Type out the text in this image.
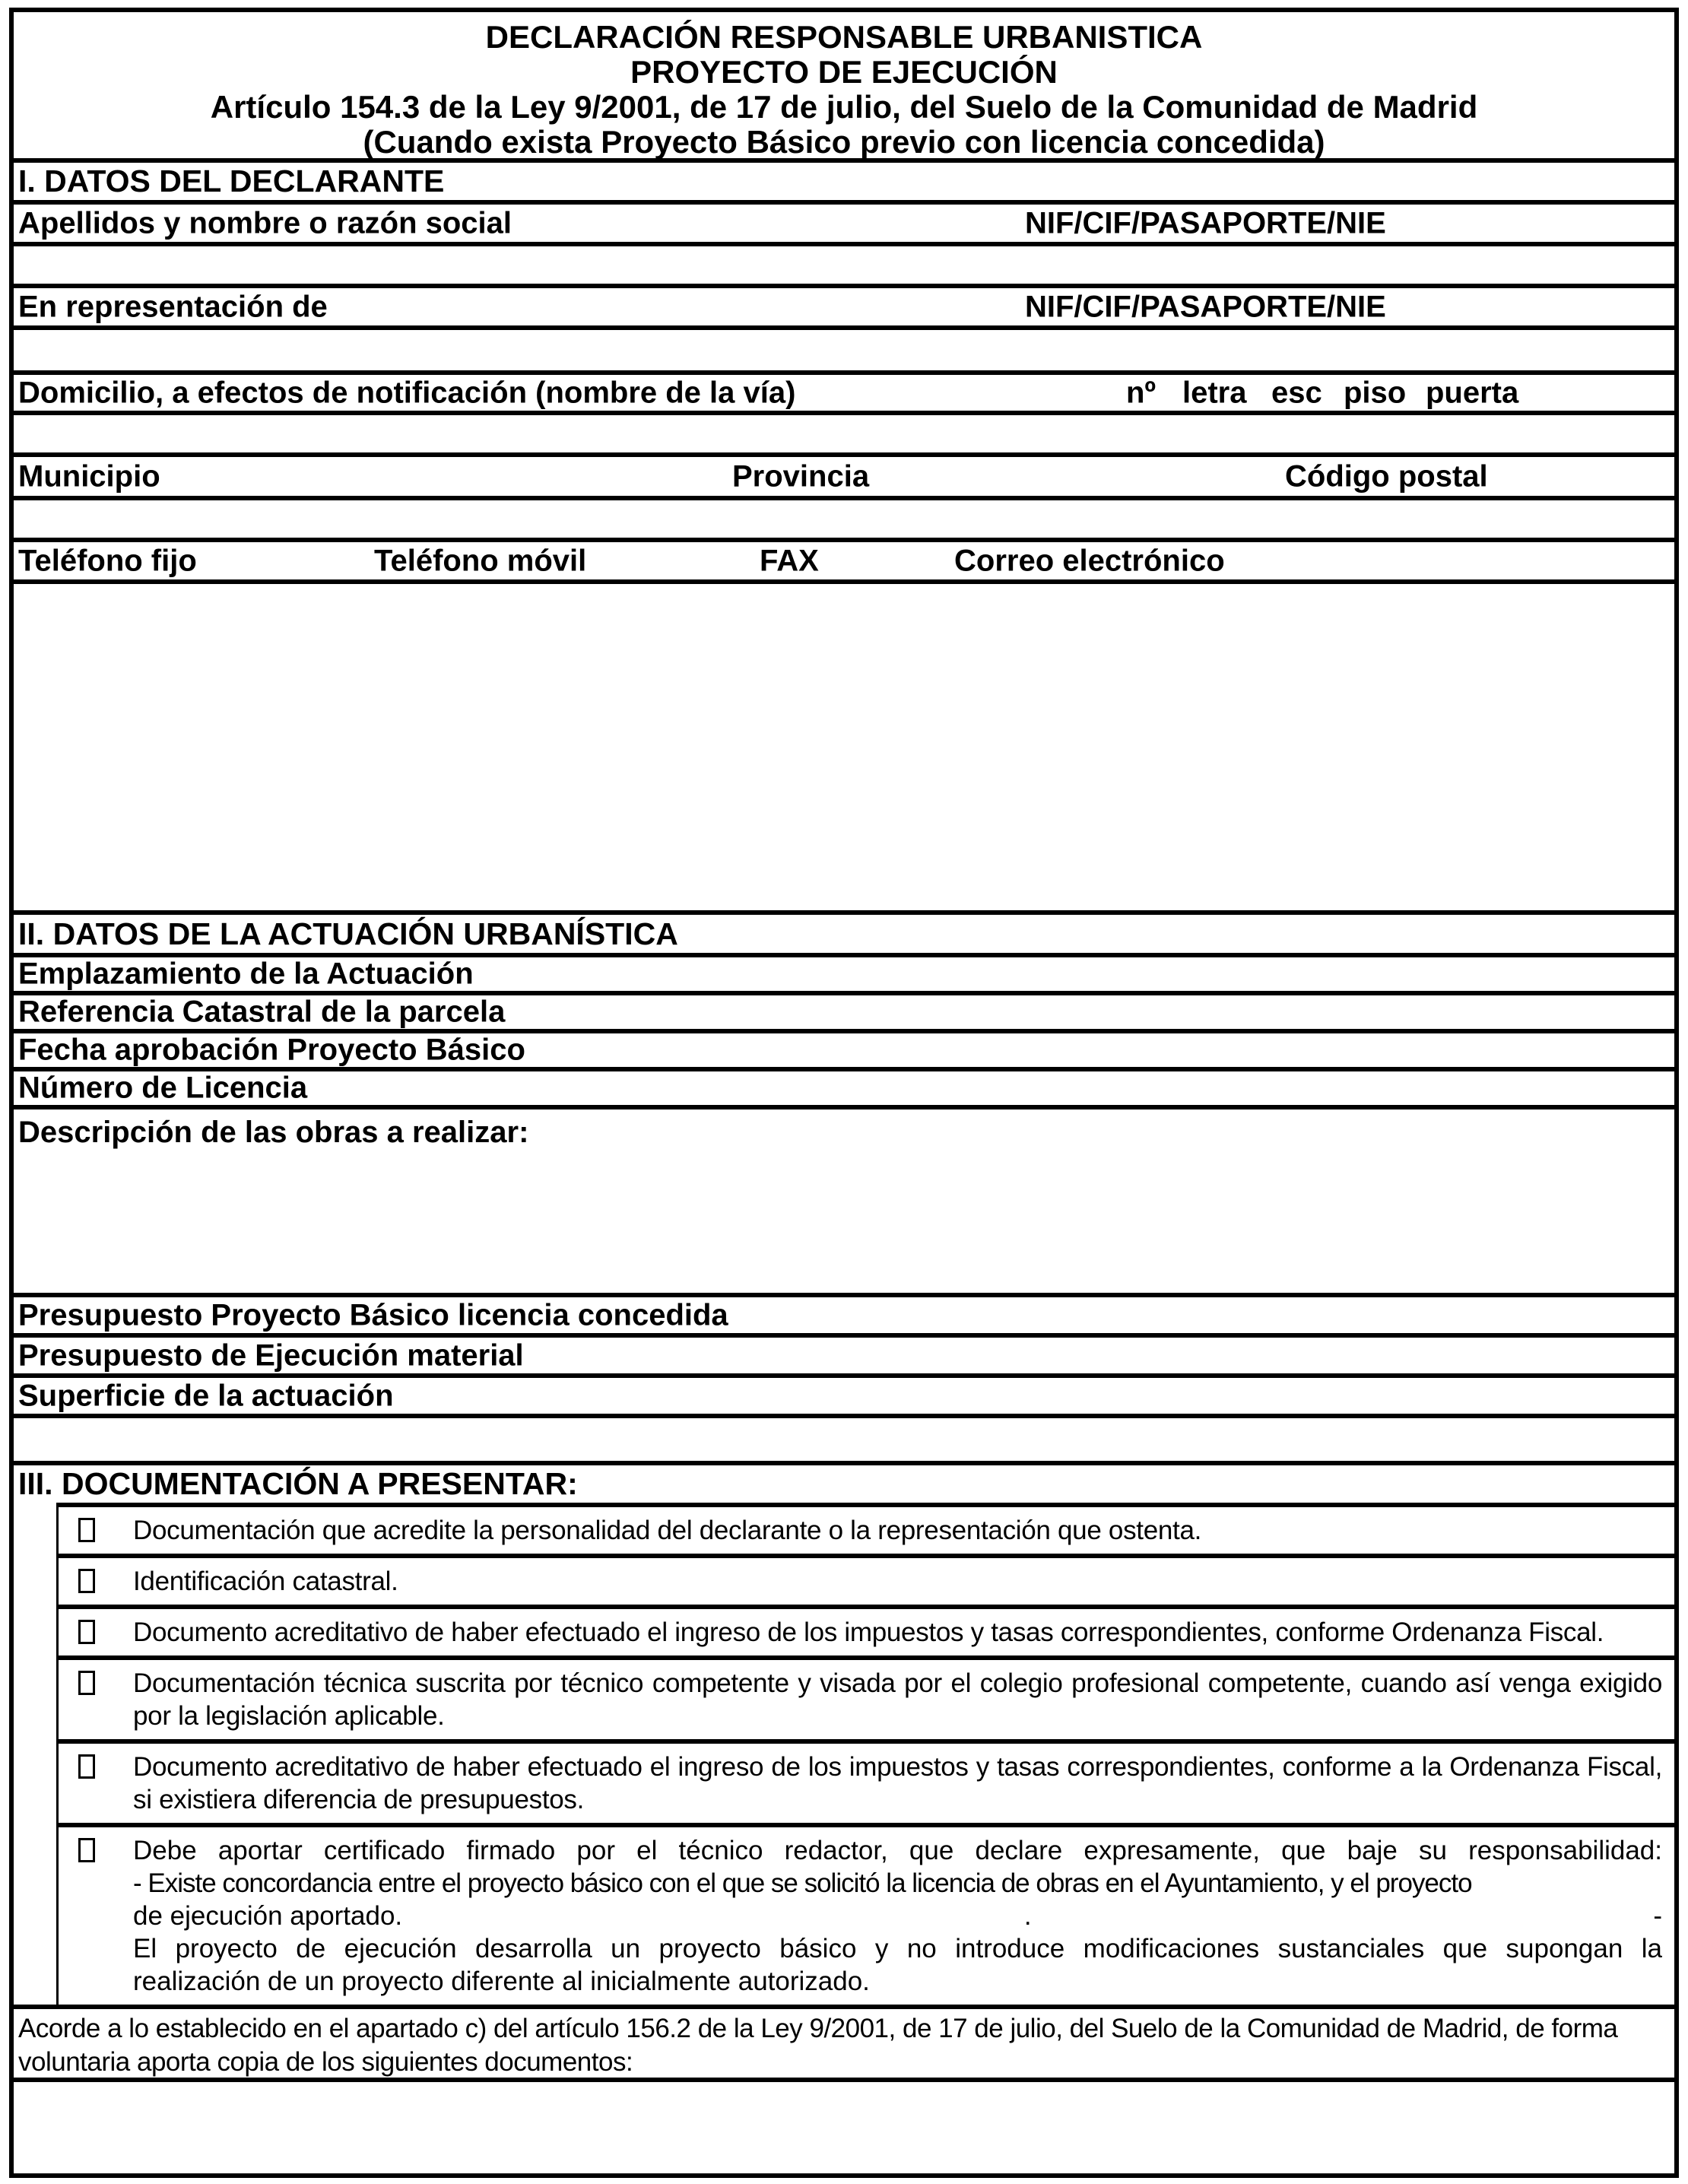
DECLARACIÓN RESPONSABLE URBANISTICA
PROYECTO DE EJECUCIÓN
Artículo 154.3 de la Ley 9/2001, de 17 de julio, del Suelo de la Comunidad de Madrid
(Cuando exista Proyecto Básico previo con licencia concedida)
I. DATOS DEL DECLARANTE
Apellidos y nombre o razón social	NIF/CIF/PASAPORTE/NIE
En representación de	NIF/CIF/PASAPORTE/NIE
Domicilio, a efectos de notificación (nombre de la vía)	nº letra esc piso puerta
Municipio	Provincia	Código postal
Teléfono fijo	Teléfono móvil	FAX	Correo electrónico
II. DATOS DE LA ACTUACIÓN URBANÍSTICA
Emplazamiento de la Actuación
Referencia Catastral de la parcela
Fecha aprobación Proyecto Básico
Número de Licencia
Descripción de las obras a realizar:
Presupuesto Proyecto Básico licencia concedida
Presupuesto de Ejecución material
Superficie de la actuación
III. DOCUMENTACIÓN A PRESENTAR:
Documentación que acredite la personalidad del declarante o la representación que ostenta.
Identificación catastral.
Documento acreditativo de haber efectuado el ingreso de los impuestos y tasas correspondientes, conforme Ordenanza Fiscal.
Documentación técnica suscrita por técnico competente y visada por el colegio profesional competente, cuando así venga exigido por la legislación aplicable.
Documento acreditativo de haber efectuado el ingreso de los impuestos y tasas correspondientes, conforme a la Ordenanza Fiscal, si existiera diferencia de presupuestos.
Debe aportar certificado firmado por el técnico redactor, que declare expresamente, que baje su responsabilidad:
- Existe concordancia entre el proyecto básico con el que se solicitó la licencia de obras en el Ayuntamiento, y el proyecto
de ejecución aportado.	.	-
El proyecto de ejecución desarrolla un proyecto básico y no introduce modificaciones sustanciales que supongan la
realización de un proyecto diferente al inicialmente autorizado.
Acorde a lo establecido en el apartado c) del artículo 156.2 de la Ley 9/2001, de 17 de julio, del Suelo de la Comunidad de Madrid, de forma voluntaria aporta copia de los siguientes documentos:
